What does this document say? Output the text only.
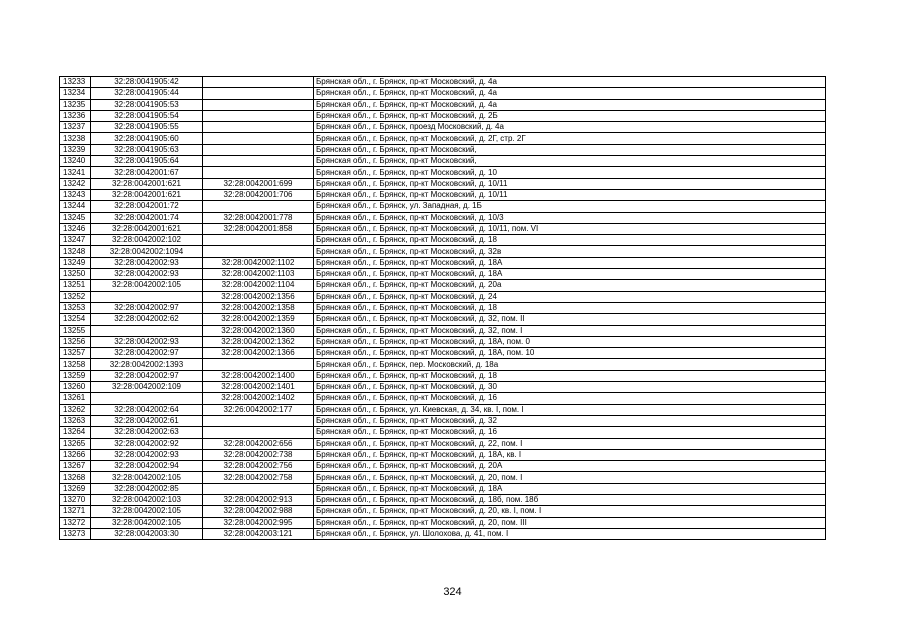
13233	32:28:0041905:42		Брянская обл., г. Брянск, пр-кт Московский, д. 4а
13234	32:28:0041905:44		Брянская обл., г. Брянск, пр-кт Московский, д. 4а
13235	32:28:0041905:53		Брянская обл., г. Брянск, пр-кт Московский, д. 4а
13236	32:28:0041905:54		Брянская обл., г. Брянск, пр-кт Московский, д. 2Б
13237	32:28:0041905:55		Брянская обл., г. Брянск, проезд Московский, д. 4а
13238	32:28:0041905:60		Брянская обл., г. Брянск, пр-кт Московский, д. 2Г, стр. 2Г
13239	32:28:0041905:63		Брянская обл., г. Брянск, пр-кт Московский,
13240	32:28:0041905:64		Брянская обл., г. Брянск, пр-кт Московский,
13241	32:28:0042001:67		Брянская обл., г. Брянск, пр-кт Московский, д. 10
13242	32:28:0042001:621	32:28:0042001:699	Брянская обл., г. Брянск, пр-кт Московский, д. 10/11
13243	32:28:0042001:621	32:28:0042001:706	Брянская обл., г. Брянск, пр-кт Московский, д. 10/11
13244	32:28:0042001:72		Брянская обл., г. Брянск, ул. Западная, д. 1Б
13245	32:28:0042001:74	32:28:0042001:778	Брянская обл., г. Брянск, пр-кт Московский, д. 10/3
13246	32:28:0042001:621	32:28:0042001:858	Брянская обл., г. Брянск, пр-кт Московский, д. 10/11, пом. VI
13247	32:28:0042002:102		Брянская обл., г. Брянск, пр-кт Московский, д. 18
13248	32:28:0042002:1094		Брянская обл., г. Брянск, пр-кт Московский, д. 32в
13249	32:28:0042002:93	32:28:0042002:1102	Брянская обл., г. Брянск, пр-кт Московский, д. 18А
13250	32:28:0042002:93	32:28:0042002:1103	Брянская обл., г. Брянск, пр-кт Московский, д. 18А
13251	32:28:0042002:105	32:28:0042002:1104	Брянская обл., г. Брянск, пр-кт Московский, д. 20а
13252		32:28:0042002:1356	Брянская обл., г. Брянск, пр-кт Московский, д. 24
13253	32:28:0042002:97	32:28:0042002:1358	Брянская обл., г. Брянск, пр-кт Московский, д. 18
13254	32:28:0042002:62	32:28:0042002:1359	Брянская обл., г. Брянск, пр-кт Московский, д. 32, пом. II
13255		32:28:0042002:1360	Брянская обл., г. Брянск, пр-кт Московский, д. 32, пом. I
13256	32:28:0042002:93	32:28:0042002:1362	Брянская обл., г. Брянск, пр-кт Московский, д. 18А, пом. 0
13257	32:28:0042002:97	32:28:0042002:1366	Брянская обл., г. Брянск, пр-кт Московский, д. 18А, пом. 10
13258	32:28:0042002:1393		Брянская обл., г. Брянск, пер. Московский, д. 18а
13259	32:28:0042002:97	32:28:0042002:1400	Брянская обл., г. Брянск, пр-кт Московский, д. 18
13260	32:28:0042002:109	32:28:0042002:1401	Брянская обл., г. Брянск, пр-кт Московский, д. 30
13261		32:28:0042002:1402	Брянская обл., г. Брянск, пр-кт Московский, д. 16
13262	32:28:0042002:64	32:26:0042002:177	Брянская обл., г. Брянск, ул. Киевская, д. 34, кв. I, пом. I
13263	32:28:0042002:61		Брянская обл., г. Брянск, пр-кт Московский, д. 32
13264	32:28:0042002:63		Брянская обл., г. Брянск, пр-кт Московский, д. 16
13265	32:28:0042002:92	32:28:0042002:656	Брянская обл., г. Брянск, пр-кт Московский, д. 22, пом. I
13266	32:28:0042002:93	32:28:0042002:738	Брянская обл., г. Брянск, пр-кт Московский, д. 18А, кв. I
13267	32:28:0042002:94	32:28:0042002:756	Брянская обл., г. Брянск, пр-кт Московский, д. 20А
13268	32:28:0042002:105	32:28:0042002:758	Брянская обл., г. Брянск, пр-кт Московский, д. 20, пом. I
13269	32:28:0042002:85		Брянская обл., г. Брянск, пр-кт Московский, д. 18А
13270	32:28:0042002:103	32:28:0042002:913	Брянская обл., г. Брянск, пр-кт Московский, д. 18б, пом. 18б
13271	32:28:0042002:105	32:28:0042002:988	Брянская обл., г. Брянск, пр-кт Московский, д. 20, кв. I, пом. I
13272	32:28:0042002:105	32:28:0042002:995	Брянская обл., г. Брянск, пр-кт Московский, д. 20, пом. III
13273	32:28:0042003:30	32:28:0042003:121	Брянская обл., г. Брянск, ул. Шолохова, д. 41, пом. I
324
